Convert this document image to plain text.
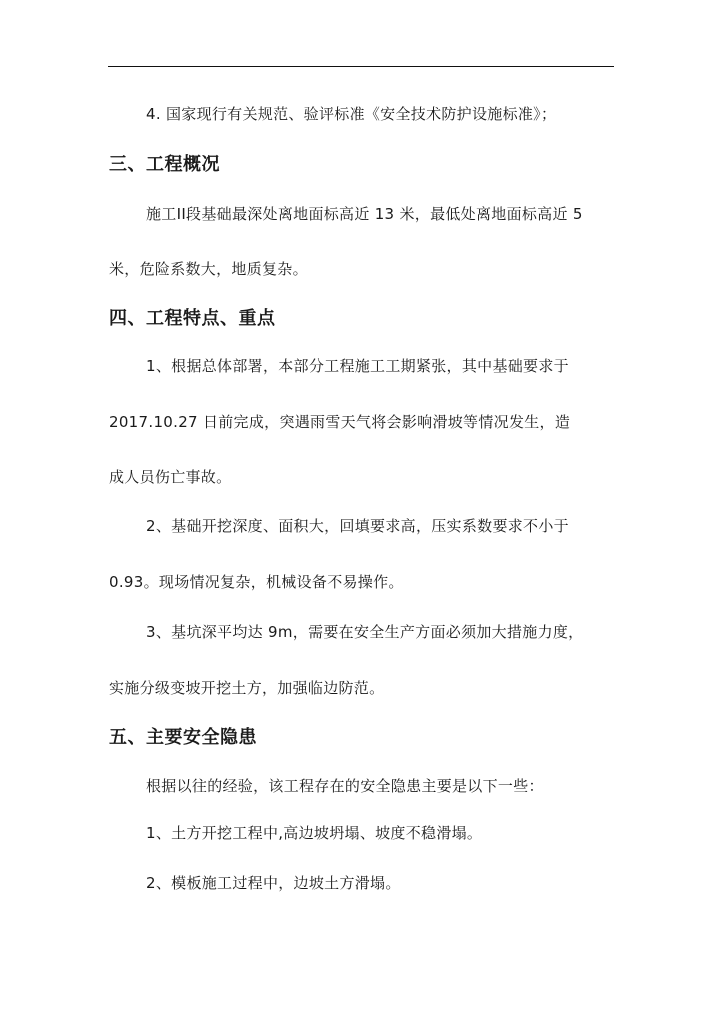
4. 国家现行有关规范、验评标准《安全技术防护设施标准》；
三、工程概况
施工II段基础最深处离地面标高近 13 米，最低处离地面标高近 5
米，危险系数大，地质复杂。
四、工程特点、重点
1、根据总体部署，本部分工程施工工期紧张，其中基础要求于
2017.10.27 日前完成，突遇雨雪天气将会影响滑坡等情况发生，造
成人员伤亡事故。
2、基础开挖深度、面积大，回填要求高，压实系数要求不小于
0.93。现场情况复杂，机械设备不易操作。
3、基坑深平均达 9m，需要在安全生产方面必须加大措施力度，
实施分级变坡开挖土方，加强临边防范。
五、主要安全隐患
根据以往的经验，该工程存在的安全隐患主要是以下一些：
1、土方开挖工程中,高边坡坍塌、坡度不稳滑塌。
2、模板施工过程中，边坡土方滑塌。
